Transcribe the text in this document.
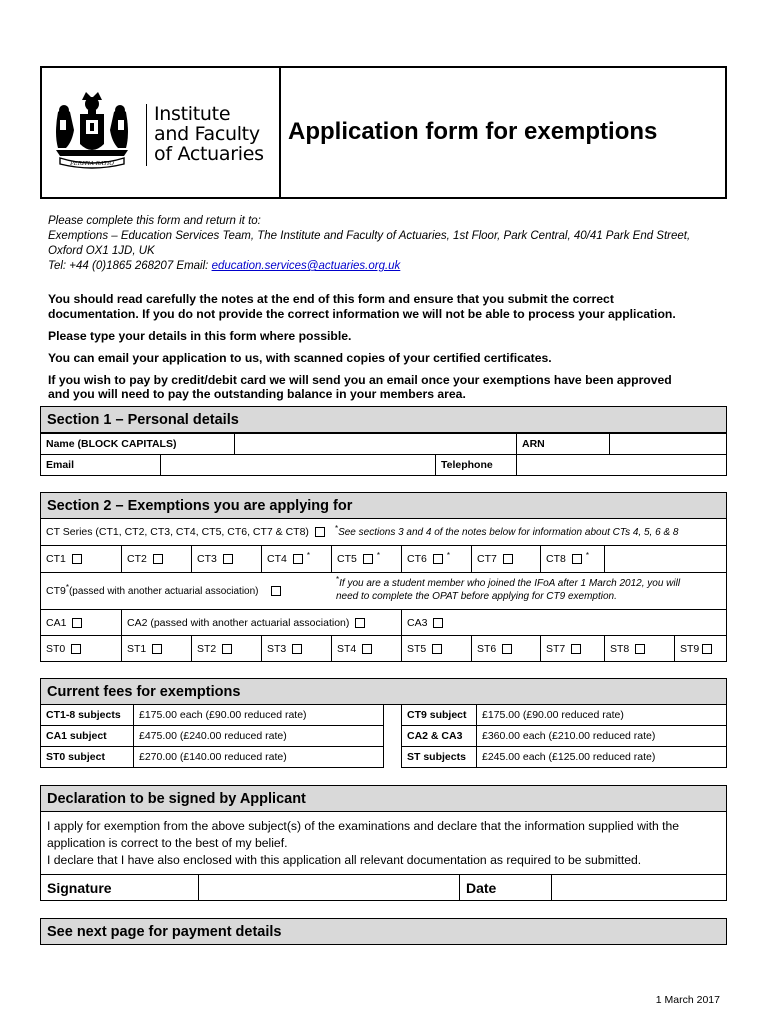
PERITIA RATIO
Institute
and Faculty
of Actuaries
Application form for exemptions
Please complete this form and return it to:
Exemptions – Education Services Team, The Institute and Faculty of Actuaries, 1st Floor, Park Central, 40/41 Park End Street,
Oxford OX1 1JD, UK
Tel: +44 (0)1865 268207 Email: education.services@actuaries.org.uk
You should read carefully the notes at the end of this form and ensure that you submit the correct
documentation. If you do not provide the correct information we will not be able to process your application.
Please type your details in this form where possible.
You can email your application to us, with scanned copies of your certified certificates.
If you wish to pay by credit/debit card we will send you an email once your exemptions have been approved
and you will need to pay the outstanding balance in your members area.
Section 1 – Personal details
Name (BLOCK CAPITALS)	ARN
Email	Telephone
Section 2 – Exemptions you are applying for
CT Series (CT1, CT2, CT3, CT4, CT5, CT6, CT7 & CT8)	* See sections 3 and 4 of the notes below for information about CTs 4, 5, 6 & 8
CT1	CT2	CT3	CT4	*	CT5	*	CT6	*	CT7	CT8	*
CT9 * (passed with another actuarial association)
*If you are a student member who joined the IFoA after 1 March 2012, you will
need to complete the OPAT before applying for CT9 exemption.
CA1	CA2 (passed with another actuarial association)	CA3
ST0	ST1	ST2	ST3	ST4	ST5	ST6	ST7	ST8	ST9
Current fees for exemptions
CT1-8 subjects	£175.00 each (£90.00 reduced rate)	CT9 subject	£175.00 (£90.00 reduced rate)
CA1 subject	£475.00 (£240.00 reduced rate)	CA2 & CA3	£360.00 each (£210.00 reduced rate)
ST0 subject	£270.00 (£140.00 reduced rate)	ST subjects	£245.00 each (£125.00 reduced rate)
Declaration to be signed by Applicant
I apply for exemption from the above subject(s) of the examinations and declare that the information supplied with the
application is correct to the best of my belief.
I declare that I have also enclosed with this application all relevant documentation as required to be submitted.
Signature	Date
See next page for payment details
1 March 2017
